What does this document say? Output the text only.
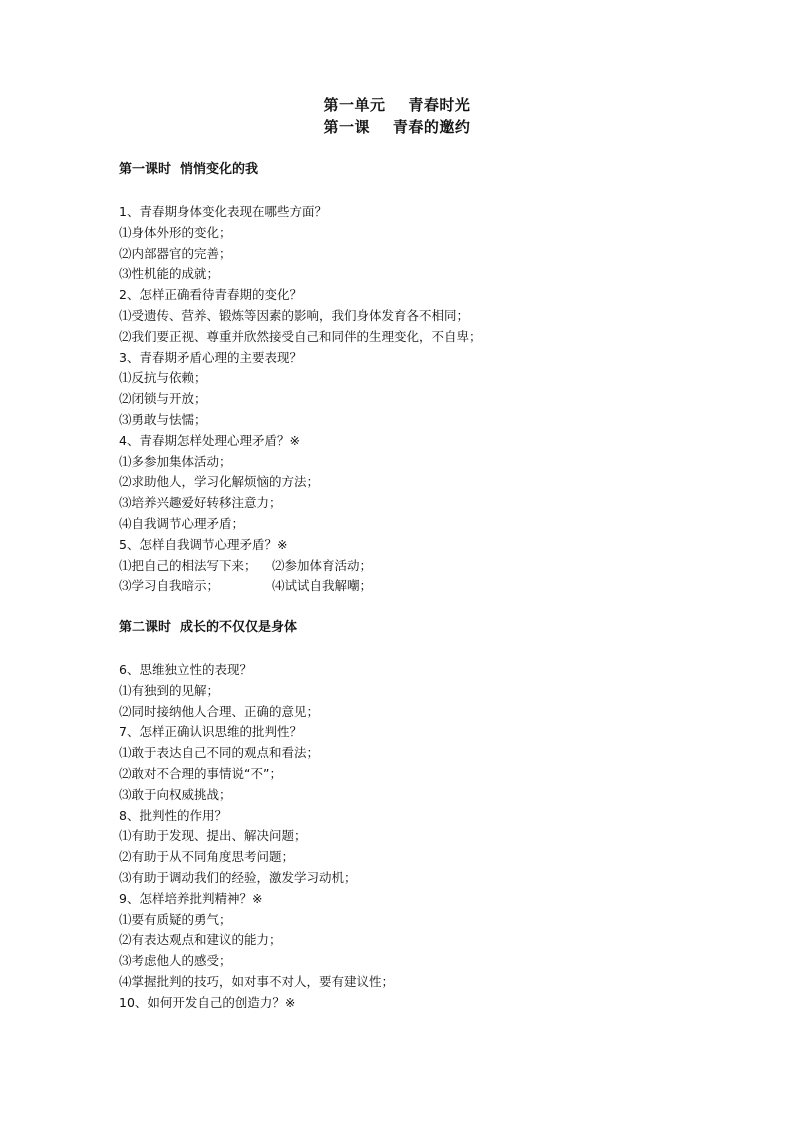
第一单元    青春时光
第一课    青春的邀约
第一课时  悄悄变化的我
1、青春期身体变化表现在哪些方面？
⑴身体外形的变化；
⑵内部器官的完善；
⑶性机能的成就；
2、怎样正确看待青春期的变化？
⑴受遗传、营养、锻炼等因素的影响，我们身体发育各不相同；
⑵我们要正视、尊重并欣然接受自己和同伴的生理变化，不自卑；
3、青春期矛盾心理的主要表现？
⑴反抗与依赖；
⑵闭锁与开放；
⑶勇敢与怯懦；
4、青春期怎样处理心理矛盾？※
⑴多参加集体活动；
⑵求助他人，学习化解烦恼的方法；
⑶培养兴趣爱好转移注意力；
⑷自我调节心理矛盾；
5、怎样自我调节心理矛盾？※
⑴把自己的相法写下来；	⑵参加体育活动；
⑶学习自我暗示；	⑷试试自我解嘲；
第二课时  成长的不仅仅是身体
6、思维独立性的表现？
⑴有独到的见解；
⑵同时接纳他人合理、正确的意见；
7、怎样正确认识思维的批判性？
⑴敢于表达自己不同的观点和看法；
⑵敢对不合理的事情说“不”；
⑶敢于向权威挑战；
8、批判性的作用？
⑴有助于发现、提出、解决问题；
⑵有助于从不同角度思考问题；
⑶有助于调动我们的经验，激发学习动机；
9、怎样培养批判精神？※
⑴要有质疑的勇气；
⑵有表达观点和建议的能力；
⑶考虑他人的感受；
⑷掌握批判的技巧，如对事不对人，要有建议性；
10、如何开发自己的创造力？※
